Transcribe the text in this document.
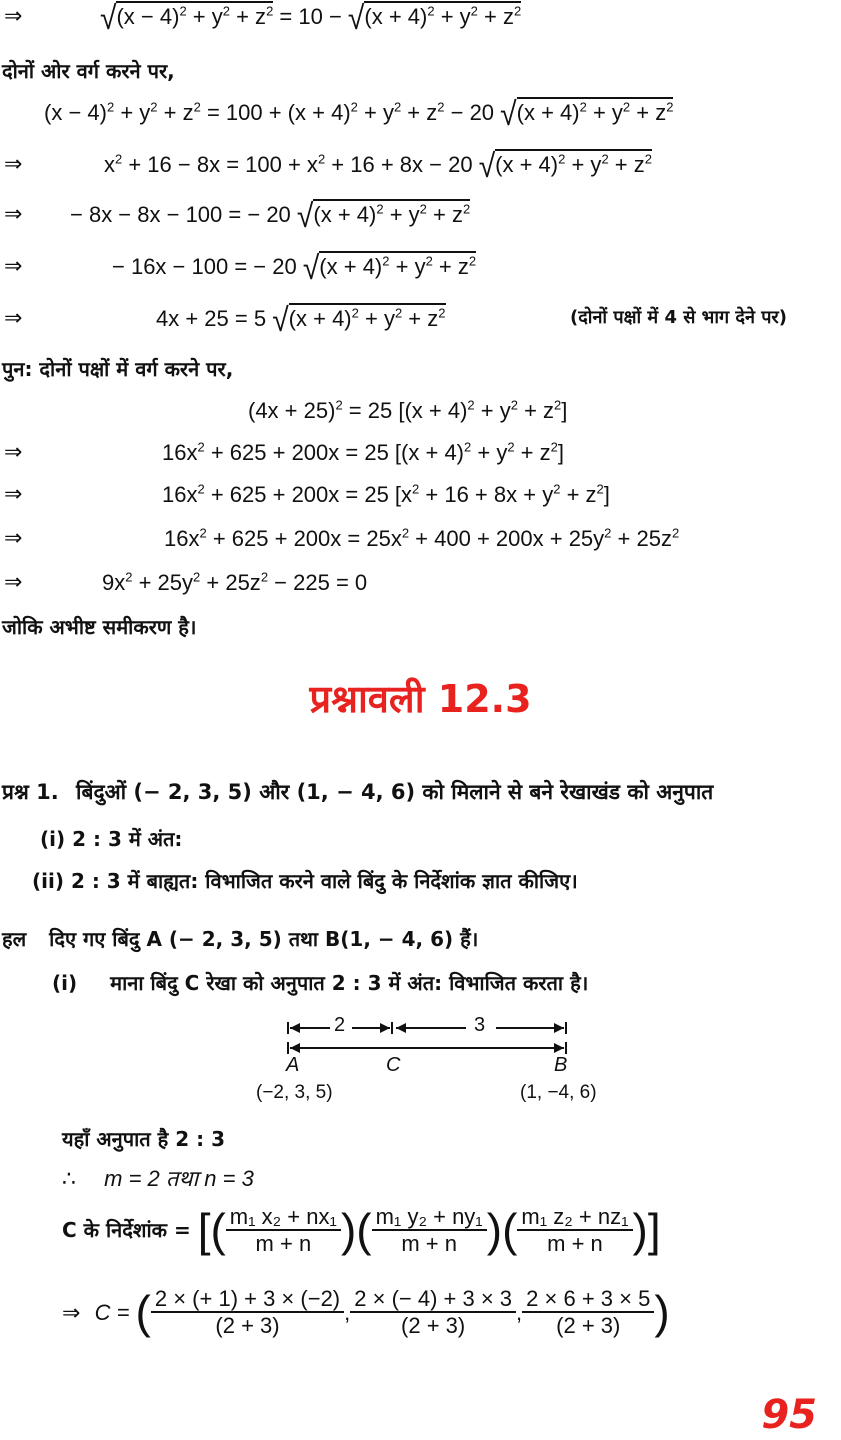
⇒	$√(x - 4)^2 + y^2 + z^2 = 10 - √(x + 4)^2 + y^2 + z^2$
दोनों ओर वर्ग करने पर,
$(x - 4)^2 + y^2 + z^2 = 100 + (x + 4)^2 + y^2 + z^2 - 20$ $√(x + 4)^2 + y^2 + z^2$
⇒	$x^2 + 16 - 8x = 100 + x^2 + 16 + 8x - 20$ $√(x + 4)^2 + y^2 + z^2$
⇒ − 8x − 8x − 100 = − 20 $√(x + 4)^2 + y^2 + z^2$
⇒	− 16x − 100 = − 20 $√(x + 4)^2 + y^2 + z^2$
⇒	4x + 25 = 5 $√(x + 4)^2 + y^2 + z^2$	(दोनों पक्षों में 4 से भाग देने पर)
पुन: दोनों पक्षों में वर्ग करने पर,
$(4x + 25)^2 = 25$ $[(x + 4)^2 + y^2 + z^2]$
⇒	$16x^2 + 625 + 200x = 25$ $[(x + 4)^2 + y^2 + z^2]$
⇒	$16x^2 + 625 + 200x = 25$ $[x^2 + 16 + 8x + y^2 + z^2]$
⇒	$16x^2 + 625 + 200x = 25x^2 + 400 + 200x + 25y^2 + 25z^2$
⇒	$9x^2 + 25y^2 + 25z^2 - 225 = 0$
जोकि अभीष्ट समीकरण है।
प्रश्नावली 12.3
प्रश्न 1. बिंदुओं (− 2, 3, 5) और (1, − 4, 6) को मिलाने से बने रेखाखंड को अनुपात
(i) 2 : 3 में अंत:
(ii) 2 : 3 में बाह्यत: विभाजित करने वाले बिंदु के निर्देशांक ज्ञात कीजिए।
हल दिए गए बिंदु A (− 2, 3, 5) तथा B(1, − 4, 6) हैं।
(i) माना बिंदु C रेखा को अनुपात 2 : 3 में अंत: विभाजित करता है।
2	3
A	C	B
(−2, 3, 5)	(1, −4, 6)
यहाँ अनुपात है 2 : 3
∴ m = 2 तथा n = 3
C के निर्देशांक = [( $\frac{\text{m₁ x₂ + nx₁}}{m + n}$ )( $\frac{\text{m₁ y₂ + ny₁}}{m + n}$ )( $\frac{\text{m₁ z₂ + nz₁}}{m + n}$ )]
⇒ C = ( $\frac{2 \times (+ 1) + 3 \times (-2)}{(2 + 3)}$ , $\frac{2 \times (- 4) + 3 \times 3}{(2 + 3)}$ , $\frac{2 \times 6 + 3 \times 5}{(2 + 3)}$ )
95
